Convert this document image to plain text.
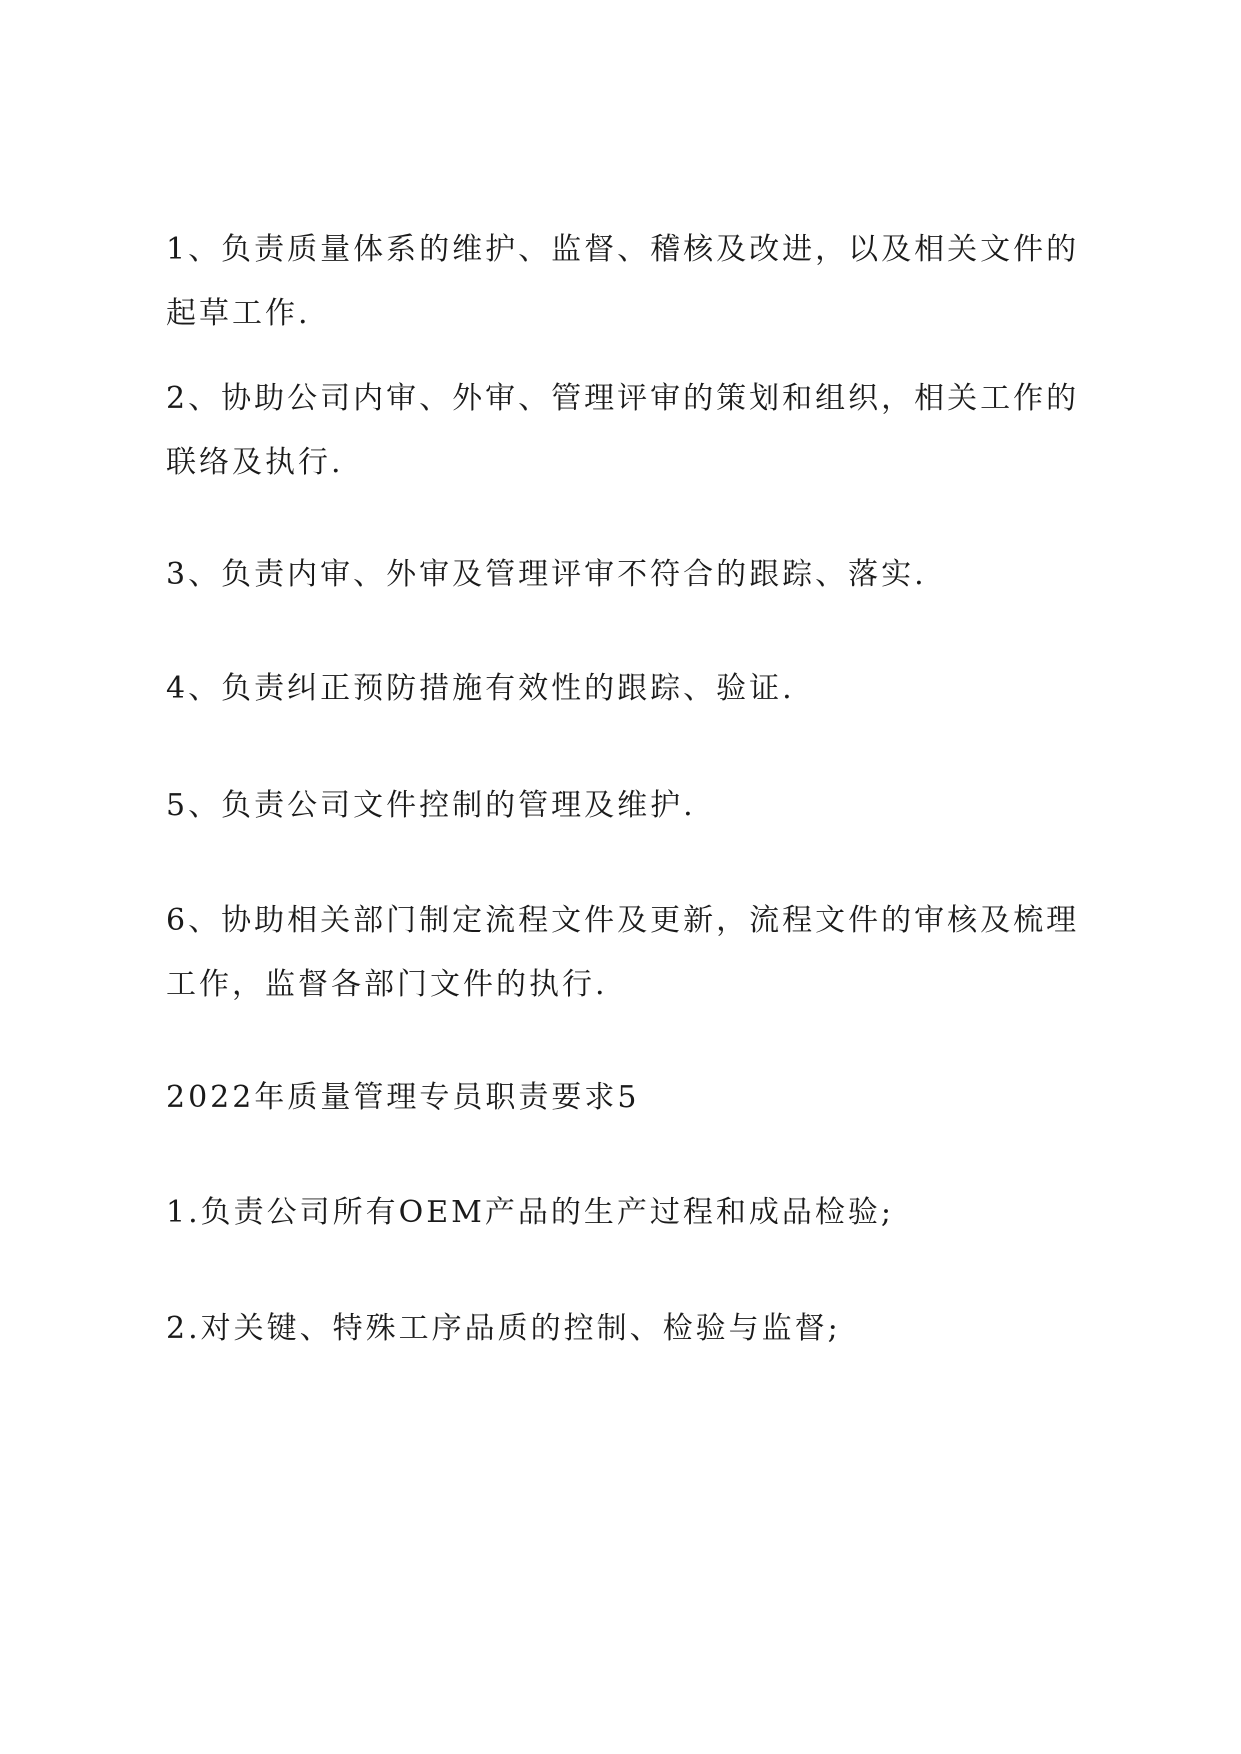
1、负责质量体系的维护、监督、稽核及改进，以及相关文件的
起草工作.

2、协助公司内审、外审、管理评审的策划和组织，相关工作的
联络及执行.

3、负责内审、外审及管理评审不符合的跟踪、落实.

4、负责纠正预防措施有效性的跟踪、验证.

5、负责公司文件控制的管理及维护.

6、协助相关部门制定流程文件及更新，流程文件的审核及梳理
工作，监督各部门文件的执行.

2022年质量管理专员职责要求5

1.负责公司所有OEM产品的生产过程和成品检验;

2.对关键、特殊工序品质的控制、检验与监督;
